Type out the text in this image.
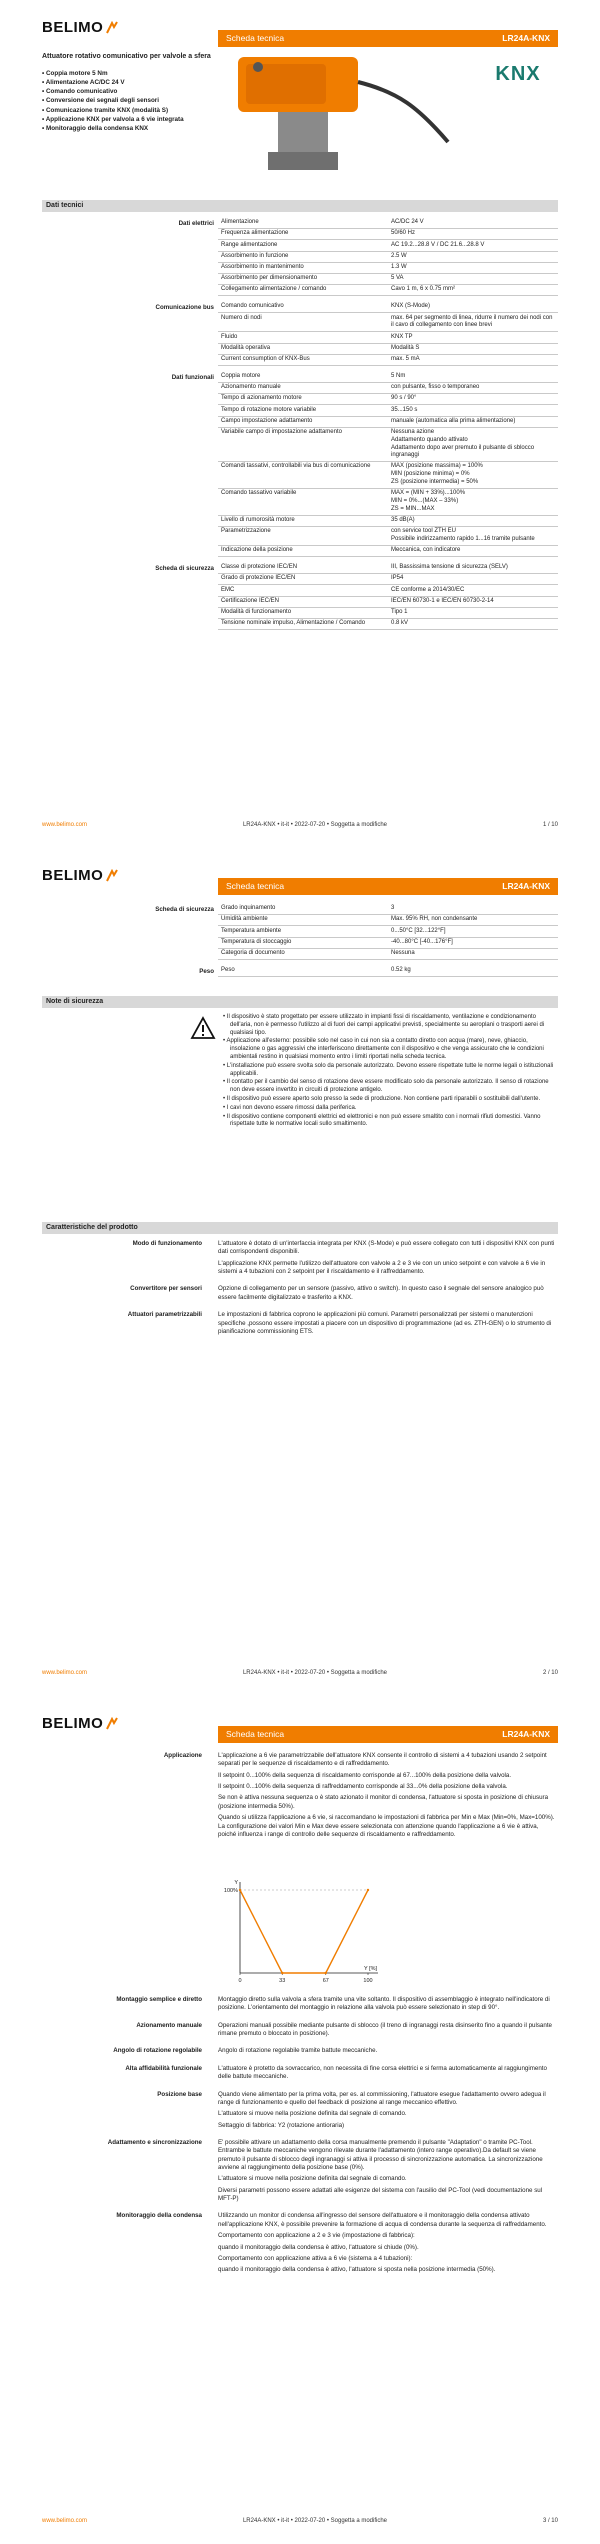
BELIMO
Scheda tecnica	LR24A-KNX
Attuatore rotativo comunicativo per valvole a sfera
• Coppia motore 5 Nm
• Alimentazione AC/DC 24 V
• Comando comunicativo
• Conversione dei segnali degli sensori
• Comunicazione tramite KNX (modalità S)
• Applicazione KNX per valvola a 6 vie integrata
• Monitoraggio della condensa KNX
KNX
Dati tecnici
Dati elettrici Alimentazione	AC/DC 24 V
Frequenza alimentazione	50/60 Hz
Range alimentazione	AC 19.2...28.8 V / DC 21.6...28.8 V
Assorbimento in funzione	2.5 W
Assorbimento in mantenimento	1.3 W
Assorbimento per dimensionamento	5 VA
Collegamento alimentazione / comando	Cavo 1 m, 6 x 0.75 mm²
Comunicazione bus Comando comunicativo	KNX (S-Mode)
Numero di nodi	max. 64 per segmento di linea, ridurre il numero dei nodi con il cavo di collegamento con linee brevi
Fluido	KNX TP
Modalità operativa	Modalità S
Current consumption of KNX-Bus	max. 5 mA
Dati funzionali Coppia motore	5 Nm
Azionamento manuale	con pulsante, fisso o temporaneo
Tempo di azionamento motore	90 s / 90°
Tempo di rotazione motore variabile	35...150 s
Campo impostazione adattamento	manuale (automatica alla prima alimentazione)
Variabile campo di impostazione adattamento	Nessuna azione
Adattamento quando attivato
Adattamento dopo aver premuto il pulsante di sblocco ingranaggi
Comandi tassativi, controllabili via bus di comunicazione	MAX (posizione massima) = 100%
MIN (posizione minima) = 0%
ZS (posizione intermedia) = 50%
Comando tassativo variabile	MAX = (MIN + 33%)...100%
MIN = 0%...(MAX – 33%)
ZS = MIN...MAX
Livello di rumorosità motore	35 dB(A)
Parametrizzazione	con service tool ZTH EU
Possibile indirizzamento rapido 1...16 tramite pulsante
Indicazione della posizione	Meccanica, con indicatore
Scheda di sicurezza Classe di protezione IEC/EN	III, Bassissima tensione di sicurezza (SELV)
Grado di protezione IEC/EN	IP54
EMC	CE conforme a 2014/30/EC
Certificazione IEC/EN	IEC/EN 60730-1 e IEC/EN 60730-2-14
Modalità di funzionamento	Tipo 1
Tensione nominale impulso, Alimentazione / Comando	0.8 kV
www.belimo.com	LR24A-KNX • it-it • 2022-07-20 • Soggetta a modifiche	1 / 10
BELIMO
Scheda tecnica	LR24A-KNX
Scheda di sicurezza Grado inquinamento	3
Umidità ambiente	Max. 95% RH, non condensante
Temperatura ambiente	0...50°C [32...122°F]
Temperatura di stoccaggio	-40...80°C [-40...176°F]
Categoria di documento	Nessuna
Peso Peso	0.52 kg
Note di sicurezza
• Il dispositivo è stato progettato per essere utilizzato in impianti fissi di riscaldamento, ventilazione e condizionamento dell'aria, non è permesso l'utilizzo al di fuori dei campi applicativi previsti, specialmente su aeroplani o trasporti aerei di qualsiasi tipo.
• Applicazione all'esterno: possibile solo nel caso in cui non sia a contatto diretto con acqua (mare), neve, ghiaccio, insolazione o gas aggressivi che interferiscono direttamente con il dispositivo e che venga assicurato che le condizioni ambientali restino in qualsiasi momento entro i limiti riportati nella scheda tecnica.
• L'installazione può essere svolta solo da personale autorizzato. Devono essere rispettate tutte le norme legali o istituzionali applicabili.
• Il contatto per il cambio del senso di rotazione deve essere modificato solo da personale autorizzato. Il senso di rotazione non deve essere invertito in circuiti di protezione antigelo.
• Il dispositivo può essere aperto solo presso la sede di produzione. Non contiene parti riparabili o sostituibili dall'utente.
• I cavi non devono essere rimossi dalla periferica.
• Il dispositivo contiene componenti elettrici ed elettronici e non può essere smaltito con i normali rifiuti domestici. Vanno rispettate tutte le normative locali sullo smaltimento.
Caratteristiche del prodotto
Modo di funzionamento	L'attuatore è dotato di un'interfaccia integrata per KNX (S-Mode) e può essere collegato con tutti i dispositivi KNX con punti dati corrispondenti disponibili.

L'applicazione KNX permette l'utilizzo dell'attuatore con valvole a 2 e 3 vie con un unico setpoint e con valvole a 6 vie in sistemi a 4 tubazioni con 2 setpoint per il riscaldamento e il raffreddamento.

Convertitore per sensori	Opzione di collegamento per un sensore (passivo, attivo o switch). In questo caso il segnale del sensore analogico può essere facilmente digitalizzato e trasferito a KNX.

Attuatori parametrizzabili	Le impostazioni di fabbrica coprono le applicazioni più comuni. Parametri personalizzati per sistemi o manutenzioni specifiche ,possono essere impostati a piacere con un dispositivo di programmazione (ad es. ZTH-GEN) o lo strumento di pianificazione commissioning ETS.

www.belimo.com	LR24A-KNX • it-it • 2022-07-20 • Soggetta a modifiche	2 / 10
BELIMO
Scheda tecnica	LR24A-KNX
Applicazione	L'applicazione a 6 vie parametrizzabile dell'attuatore KNX consente il controllo di sistemi a 4 tubazioni usando 2 setpoint separati per le sequenze di riscaldamento e di raffreddamento.

Il setpoint 0...100% della sequenza di riscaldamento corrisponde al 67...100% della posizione della valvola.

Il setpoint 0...100% della sequenza di raffreddamento corrisponde al 33...0% della posizione della valvola.

Se non è attiva nessuna sequenza o è stato azionato il monitor di condensa, l'attuatore si sposta in posizione di chiusura (posizione intermedia 50%).

Quando si utilizza l'applicazione a 6 vie, si raccomandano le impostazioni di fabbrica per Min e Max (Min=0%, Max=100%). La configurazione dei valori Min e Max deve essere selezionata con attenzione quando l'applicazione a 6 vie è attiva, poiché influenza i range di controllo delle sequenze di riscaldamento e raffreddamento.

Y
100%
0	33	67	100
Y [%]
Montaggio semplice e diretto	Montaggio diretto sulla valvola a sfera tramite una vite soltanto. Il dispositivo di assemblaggio è integrato nell'indicatore di posizione. L'orientamento del montaggio in relazione alla valvola può essere selezionato in step di 90°.

Azionamento manuale	Operazioni manuali possibile mediante pulsante di sblocco (il treno di ingranaggi resta disinserito fino a quando il pulsante rimane premuto o bloccato in posizione).

Angolo di rotazione regolabile	Angolo di rotazione regolabile tramite battute meccaniche.

Alta affidabilità funzionale	L'attuatore è protetto da sovraccarico, non necessita di fine corsa elettrici e si ferma automaticamente al raggiungimento delle battute meccaniche.

Posizione base	Quando viene alimentato per la prima volta, per es. al commissioning, l'attuatore esegue l'adattamento ovvero adegua il range di funzionamento e quello del feedback di posizione al range meccanico effettivo.

L'attuatore si muove nella posizione definita dal segnale di comando.

Settaggio di fabbrica: Y2 (rotazione antioraria)

Adattamento e sincronizzazione	E' possibile attivare un adattamento della corsa manualmente premendo il pulsante "Adaptation" o tramite PC-Tool. Entrambe le battute meccaniche vengono rilevate durante l'adattamento (intero range operativo).Da default se viene premuto il pulsante di sblocco degli ingranaggi si attiva il processo di sincronizzazione automatica. La sincronizzazione avviene al raggiungimento della posizione base (0%).

L'attuatore si muove nella posizione definita dal segnale di comando.

Diversi parametri possono essere adattati alle esigenze del sistema con l'ausilio del PC-Tool (vedi documentazione sul MFT-P)

Monitoraggio della condensa	Utilizzando un monitor di condensa all'ingresso del sensore dell'attuatore e il monitoraggio della condensa attivato nell'applicazione KNX, è possibile prevenire la formazione di acqua di condensa durante la sequenza di raffreddamento.

Comportamento con applicazione a 2 e 3 vie (impostazione di fabbrica):

quando il monitoraggio della condensa è attivo, l'attuatore si chiude (0%).

Comportamento con applicazione attiva a 6 vie (sistema a 4 tubazioni):

quando il monitoraggio della condensa è attivo, l'attuatore si sposta nella posizione intermedia (50%).

www.belimo.com	LR24A-KNX • it-it • 2022-07-20 • Soggetta a modifiche	3 / 10
